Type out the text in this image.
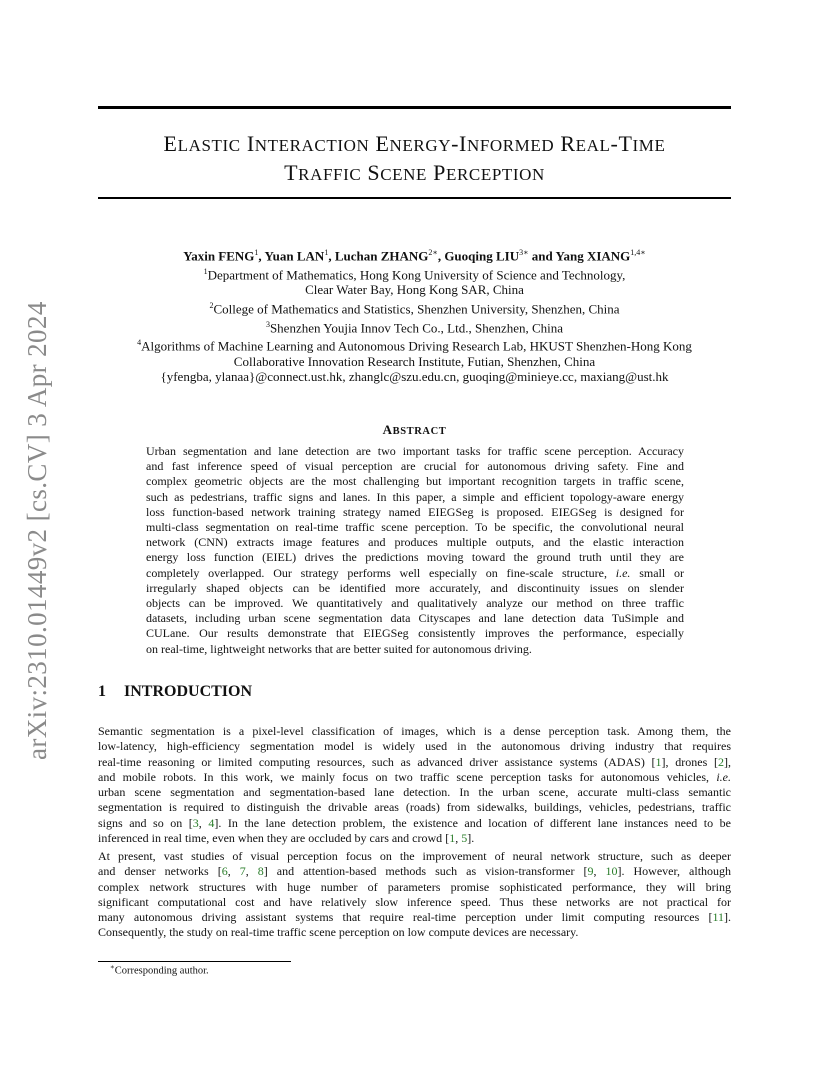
arXiv:2310.01449v2 [cs.CV] 3 Apr 2024
ELASTIC INTERACTION ENERGY-INFORMED REAL-TIME
TRAFFIC SCENE PERCEPTION
Yaxin FENG$^1$, Yuan LAN$^1$, Luchan $ZHANG^{2∗}$, Guoqing $LIU^{3∗}$ and Yang $XIANG^{1,4∗}$
$^1$Department of Mathematics, Hong Kong University of Science and Technology,
Clear Water Bay, Hong Kong SAR, China
$^2$College of Mathematics and Statistics, Shenzhen University, Shenzhen, China
$^3$Shenzhen Youjia Innov Tech Co., Ltd., Shenzhen, China
$^4$Algorithms of Machine Learning and Autonomous Driving Research Lab, HKUST Shenzhen-Hong Kong
Collaborative Innovation Research Institute, Futian, Shenzhen, China
{yfengba, ylanaa}@connect.ust.hk, zhanglc@szu.edu.cn, guoqing@minieye.cc, maxiang@ust.hk
ABSTRACT
Urban segmentation and lane detection are two important tasks for traffic scene perception. Accuracy
and fast inference speed of visual perception are crucial for autonomous driving safety. Fine and
complex geometric objects are the most challenging but important recognition targets in traffic scene,
such as pedestrians, traffic signs and lanes. In this paper, a simple and efficient topology-aware energy
loss function-based network training strategy named EIEGSeg is proposed. EIEGSeg is designed for
multi-class segmentation on real-time traffic scene perception. To be specific, the convolutional neural
network (CNN) extracts image features and produces multiple outputs, and the elastic interaction
energy loss function (EIEL) drives the predictions moving toward the ground truth until they are
completely overlapped. Our strategy performs well especially on fine-scale structure, i.e. small or
irregularly shaped objects can be identified more accurately, and discontinuity issues on slender
objects can be improved. We quantitatively and qualitatively analyze our method on three traffic
datasets, including urban scene segmentation data Cityscapes and lane detection data TuSimple and
CULane. Our results demonstrate that EIEGSeg consistently improves the performance, especially
on real-time, lightweight networks that are better suited for autonomous driving.
1 INTRODUCTION
Semantic segmentation is a pixel-level classification of images, which is a dense perception task. Among them, the
low-latency, high-efficiency segmentation model is widely used in the autonomous driving industry that requires
real-time reasoning or limited computing resources, such as advanced driver assistance systems (ADAS) [1], drones [2],
and mobile robots. In this work, we mainly focus on two traffic scene perception tasks for autonomous vehicles, i.e.
urban scene segmentation and segmentation-based lane detection. In the urban scene, accurate multi-class semantic
segmentation is required to distinguish the drivable areas (roads) from sidewalks, buildings, vehicles, pedestrians, traffic
signs and so on [3, 4]. In the lane detection problem, the existence and location of different lane instances need to be
inferenced in real time, even when they are occluded by cars and crowd [1, 5].
At present, vast studies of visual perception focus on the improvement of neural network structure, such as deeper
and denser networks [6, 7, 8] and attention-based methods such as vision-transformer [9, 10]. However, although
complex network structures with huge number of parameters promise sophisticated performance, they will bring
significant computational cost and have relatively slow inference speed. Thus these networks are not practical for
many autonomous driving assistant systems that require real-time perception under limit computing resources [11].
Consequently, the study on real-time traffic scene perception on low compute devices are necessary.
∗Corresponding author.
